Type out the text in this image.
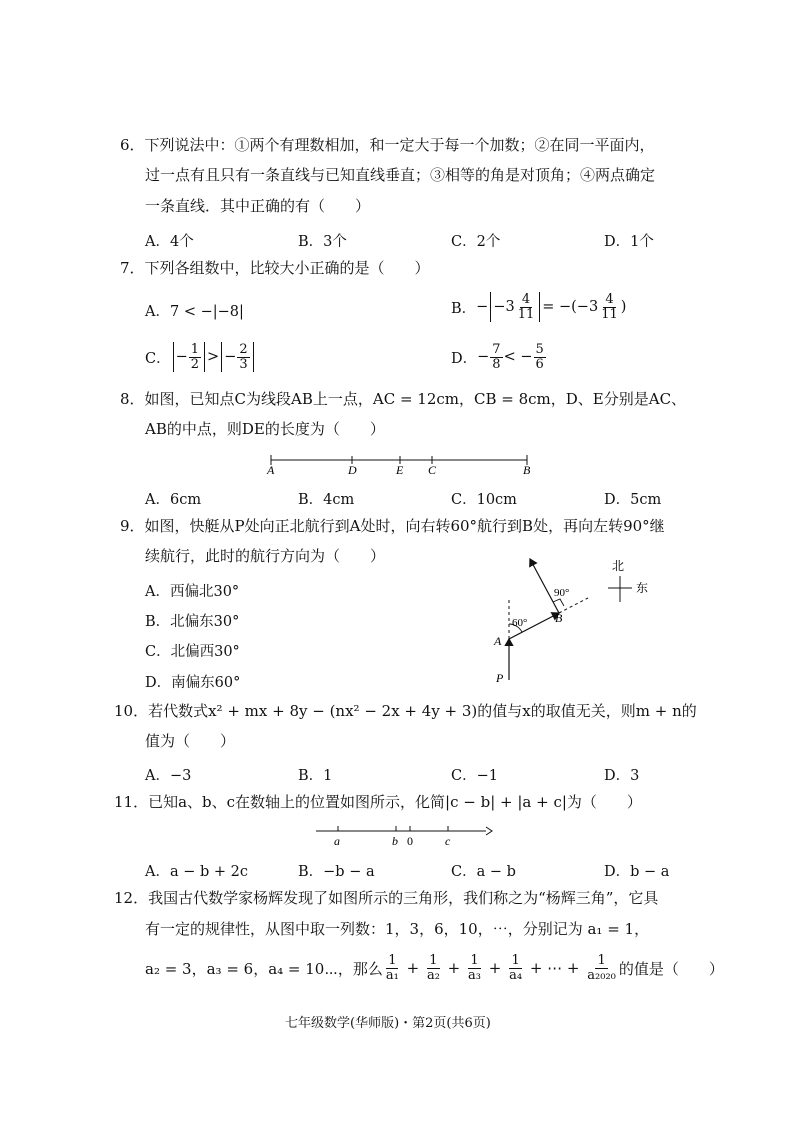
6．下列说法中：①两个有理数相加，和一定大于每一个加数；②在同一平面内，
过一点有且只有一条直线与已知直线垂直；③相等的角是对顶角；④两点确定
一条直线．其中正确的有（　　）
A．4个	B．3个	C．2个	D．1个
7．下列各组数中，比较大小正确的是（　　）
A．7 < −|−8|	B． − $-3 \frac{4}{11} = -(-3 \frac{4}{11}$ )
C． − $\frac{1}{2}$ > − $\frac{2}{3}$	D． − $\frac{7}{8}$ < − $\frac{5}{6}$
8．如图，已知点C为线段AB上一点，AC = 12cm，CB = 8cm，D、E分别是AC、
AB的中点，则DE的长度为（　　）
A	D	E C	B
A．6cm	B．4cm	C．10cm	D．5cm
9．如图，快艇从P处向正北航行到A处时，向右转60°航行到B处，再向左转90°继
续航行，此时的航行方向为（　　）
A．西偏北30°
B．北偏东30°
C．北偏西30°
D．南偏东60°
60°
90°
A
B
P
北
东
10．若代数式x² + mx + 8y − (nx² − 2x + 4y + 3)的值与x的取值无关，则m + n的
值为（　　）
A．−3	B．1	C．−1	D．3
11．已知a、b、c在数轴上的位置如图所示，化简|c − b| + |a + c|为（　　）
a	b 0	c
A．a − b + 2c	B．−b − a	C．a − b	D．b − a
12．我国古代数学家杨辉发现了如图所示的三角形，我们称之为“杨辉三角”，它具
有一定的规律性，从图中取一列数：1，3，6，10，⋯，分别记为 a₁ = 1，
a₂ = 3，a₃ = 6，a₄ = 10⋯，那么 $\frac{1}{\text{a₁}} + \frac{1}{\text{a₂}} + \frac{1}{\text{a₃}} + \frac{1}{\text{a₄}}$ + ⋯ + $\frac{1}{\text{a₂₀₂₀}}$ 的值是（　　）
七年级数学(华师版)・第2页(共6页)
